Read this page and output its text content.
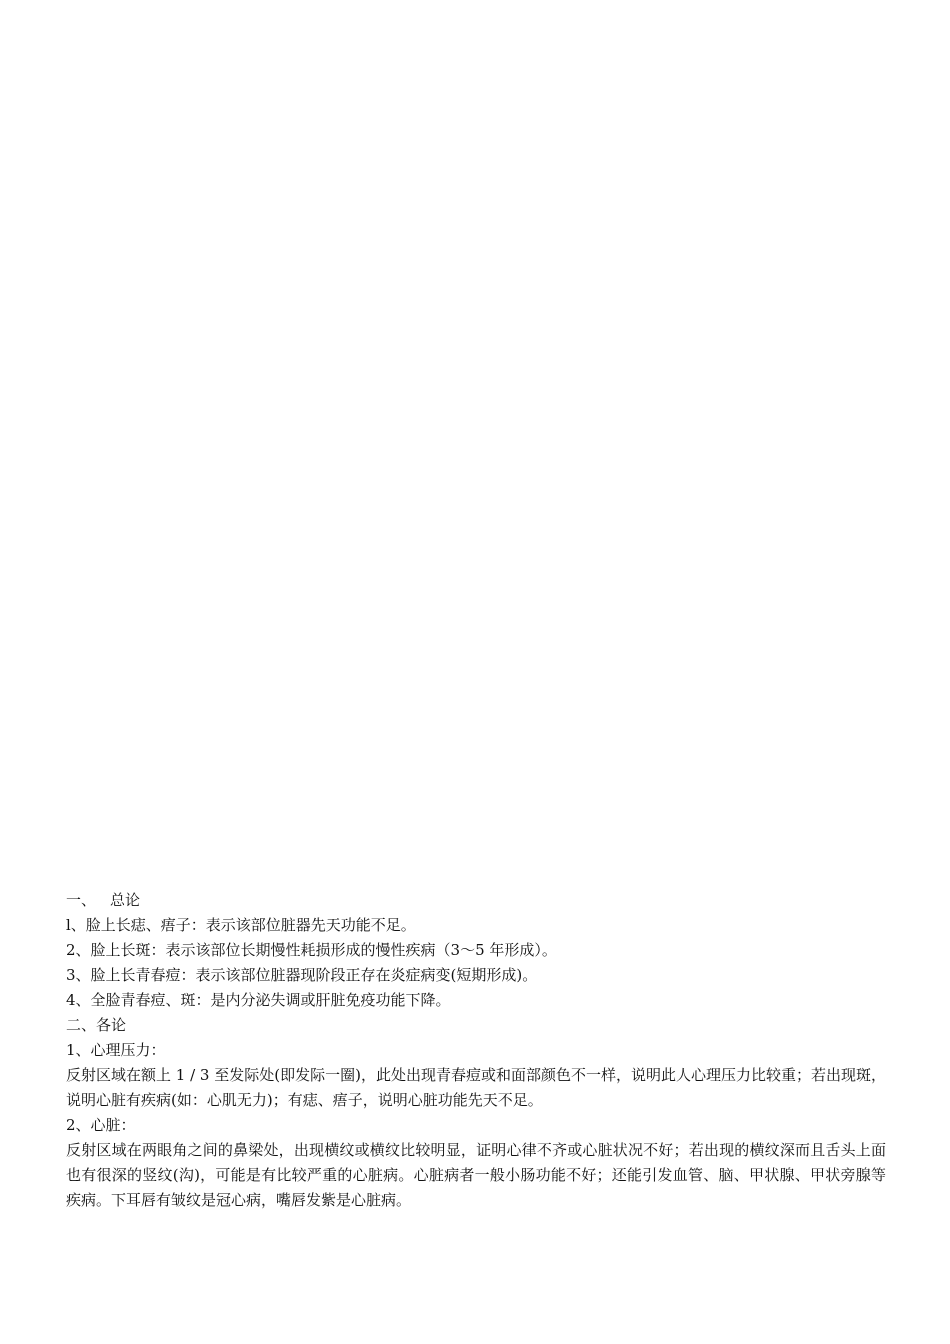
一、 总论

l、脸上长痣、痦子：表示该部位脏器先天功能不足。

2、脸上长斑：表示该部位长期慢性耗损形成的慢性疾病（3～5 年形成）。

3、脸上长青春痘：表示该部位脏器现阶段正存在炎症病变(短期形成)。

4、全脸青春痘、斑：是内分泌失调或肝脏免疫功能下降。

二、各论

1、心理压力：

反射区域在额上 1 / 3 至发际处(即发际一圈)，此处出现青春痘或和面部颜色不一样，说明此人心理压力比较重；若出现斑，说明心脏有疾病(如：心肌无力)；有痣、痦子，说明心脏功能先天不足。

2、心脏：

反射区域在两眼角之间的鼻梁处，出现横纹或横纹比较明显，证明心律不齐或心脏状况不好；若出现的横纹深而且舌头上面也有很深的竖纹(沟)，可能是有比较严重的心脏病。心脏病者一般小肠功能不好；还能引发血管、脑、甲状腺、甲状旁腺等疾病。下耳唇有皱纹是冠心病，嘴唇发紫是心脏病。
